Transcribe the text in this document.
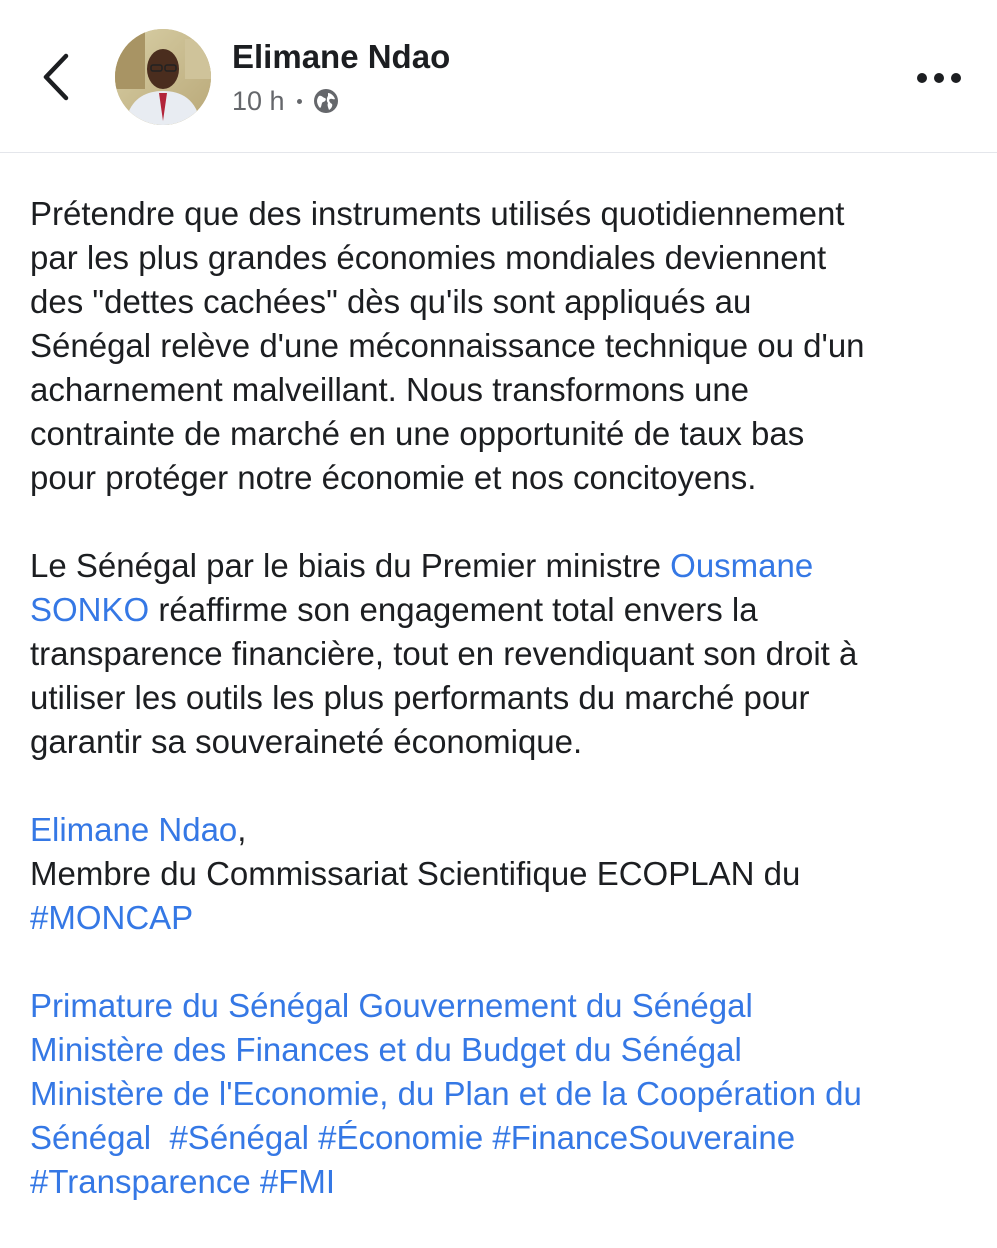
Elimane Ndao
10 h
Prétendre que des instruments utilisés quotidiennement
par les plus grandes économies mondiales deviennent
des "dettes cachées" dès qu'ils sont appliqués au
Sénégal relève d'une méconnaissance technique ou d'un
acharnement malveillant. Nous transformons une
contrainte de marché en une opportunité de taux bas
pour protéger notre économie et nos concitoyens.
Le Sénégal par le biais du Premier ministre Ousmane
SONKO réaffirme son engagement total envers la
transparence financière, tout en revendiquant son droit à
utiliser les outils les plus performants du marché pour
garantir sa souveraineté économique.
Elimane Ndao,
Membre du Commissariat Scientifique ECOPLAN du
#MONCAP
Primature du Sénégal Gouvernement du Sénégal
Ministère des Finances et du Budget du Sénégal
Ministère de l'Economie, du Plan et de la Coopération du
Sénégal #Sénégal #Économie #FinanceSouveraine
#Transparence #FMI
